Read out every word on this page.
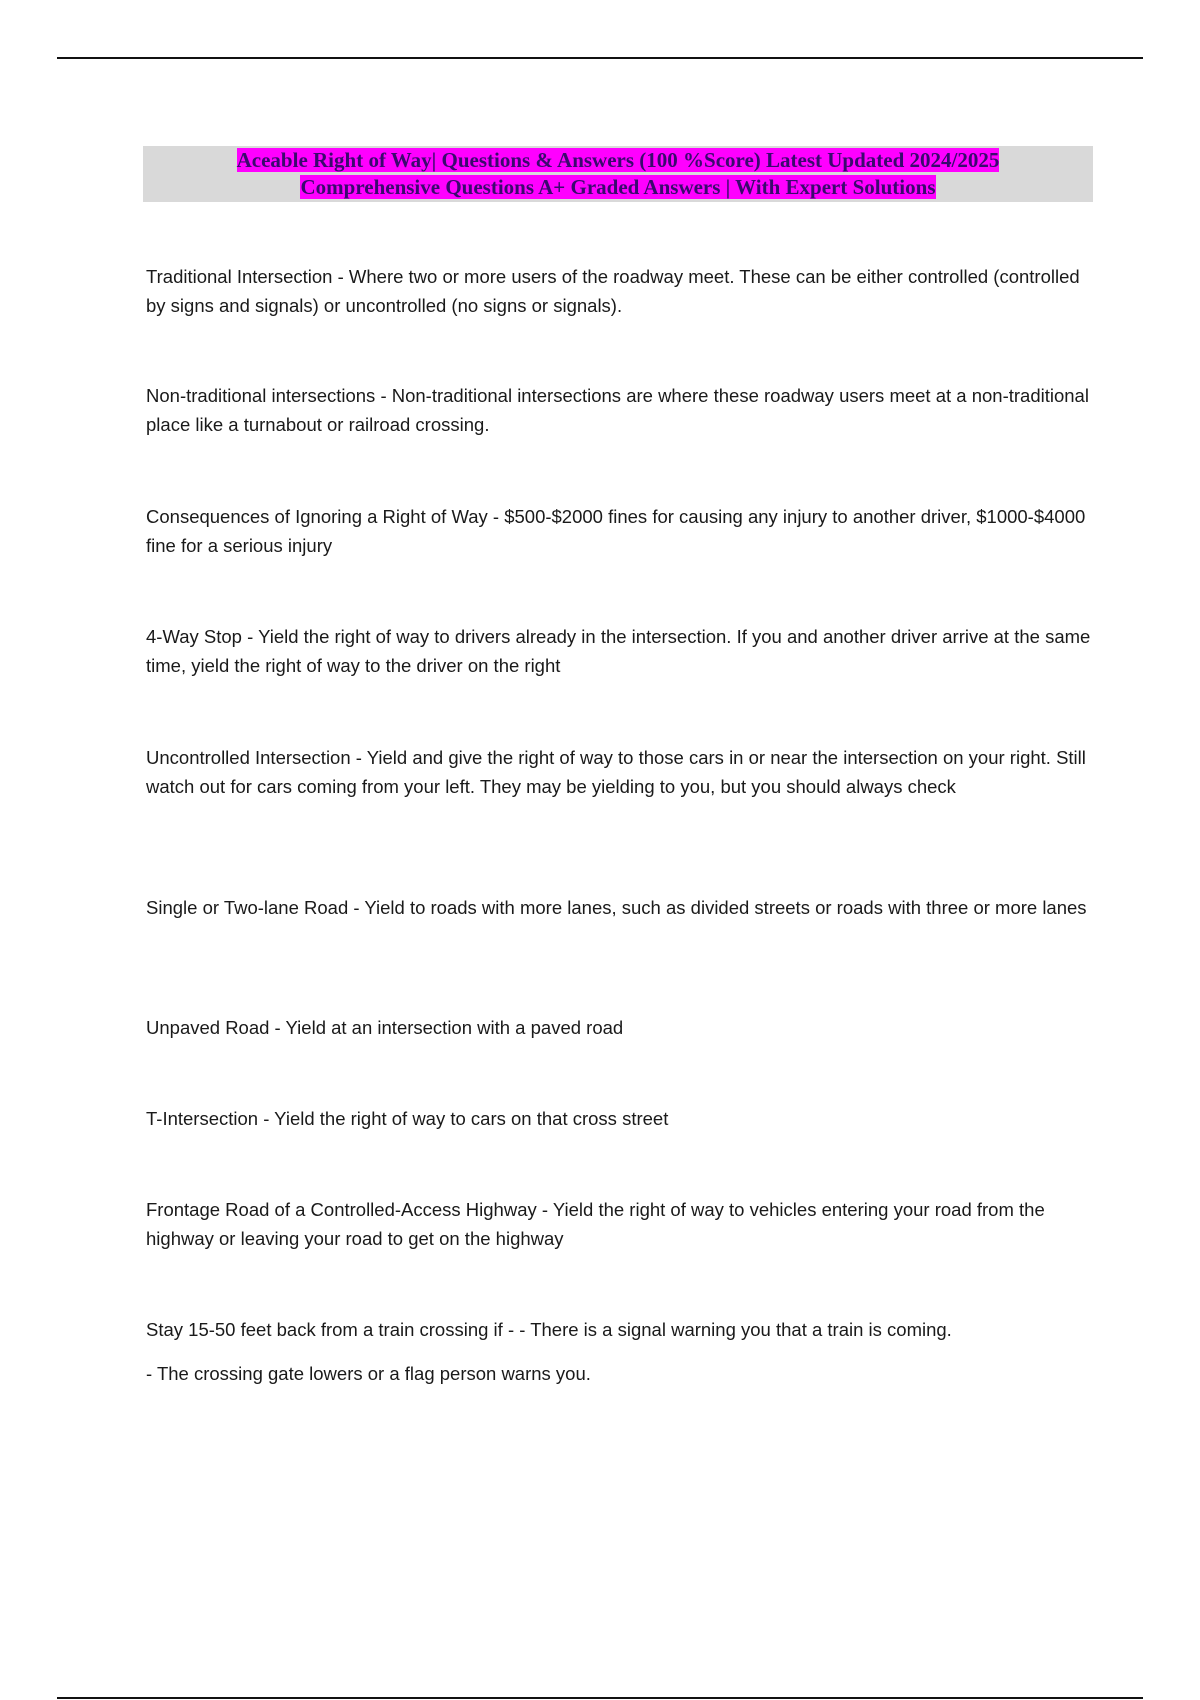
Aceable Right of Way| Questions & Answers (100 %Score) Latest Updated 2024/2025
Comprehensive Questions A+ Graded Answers | With Expert Solutions

Traditional Intersection - Where two or more users of the roadway meet. These can be either controlled (controlled by signs and signals) or uncontrolled (no signs or signals).

Non-traditional intersections - Non-traditional intersections are where these roadway users meet at a non-traditional place like a turnabout or railroad crossing.

Consequences of Ignoring a Right of Way - $500-$2000 fines for causing any injury to another driver, $1000-$4000 fine for a serious injury

4-Way Stop - Yield the right of way to drivers already in the intersection. If you and another driver arrive at the same time, yield the right of way to the driver on the right

Uncontrolled Intersection - Yield and give the right of way to those cars in or near the intersection on your right. Still watch out for cars coming from your left. They may be yielding to you, but you should always check

Single or Two-lane Road - Yield to roads with more lanes, such as divided streets or roads with three or more lanes

Unpaved Road - Yield at an intersection with a paved road

T-Intersection - Yield the right of way to cars on that cross street

Frontage Road of a Controlled-Access Highway - Yield the right of way to vehicles entering your road from the highway or leaving your road to get on the highway

Stay 15-50 feet back from a train crossing if - - There is a signal warning you that a train is coming.

- The crossing gate lowers or a flag person warns you.
